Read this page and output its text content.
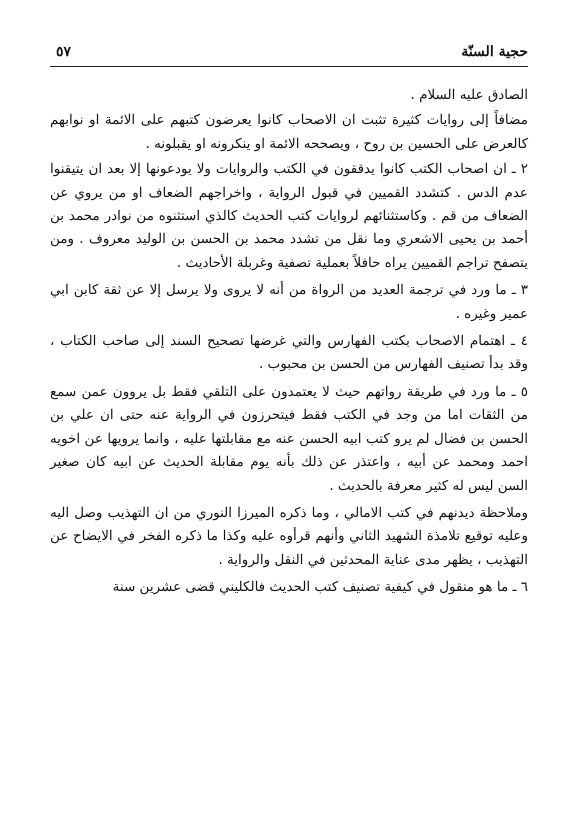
حجية السنّة
٥٧

الصادق عليه السلام .

مضافاً إلى روايات كثيرة تثبت ان الاصحاب كانوا يعرضون كتبهم على الائمة او نوابهم كالعرض على الحسين بن روح ، ويصححه الائمة او ينكرونه او يقبلونه .

٢ ـ ان اصحاب الكتب كانوا يدققون في الكتب والروايات ولا يودعونها إلا بعد ان يتيقنوا عدم الدس . كتشدد القميين في قبول الرواية ، واخراجهم الضعاف او من يروي عن الضعاف من قم . وكاستثنائهم لروايات كتب الحديث كالذي استثنوه من نوادر محمد بن أحمد بن يحيى الاشعري وما نقل من تشدد محمد بن الحسن بن الوليد معروف . ومن يتصفح تراجم القميين يراه حافلاً بعملية تصفية وغربلة الأحاديث .

٣ ـ ما ورد في ترجمة العديد من الرواة من أنه لا يروى ولا يرسل إلا عن ثقة كابن ابي عمير وغيره .

٤ ـ اهتمام الاصحاب بكتب الفهارس والتي غرضها تصحيح السند إلى صاحب الكتاب ، وقد بدأ تصنيف الفهارس من الحسن بن محبوب .

٥ ـ ما ورد في طريقة رواتهم حيث لا يعتمدون على التلقي فقط بل يروون عمن سمع من الثقات اما من وجد في الكتب فقط فيتحرزون في الرواية عنه حتى ان علي بن الحسن بن فضال لم يرو كتب ابيه الحسن عنه مع مقابلتها عليه ، وانما يرويها عن اخويه احمد ومحمد عن أبيه ، واعتذر عن ذلك بأنه يوم مقابلة الحديث عن ابيه كان صغير السن ليس له كثير معرفة بالحديث .

وملاحظة ديدنهم في كتب الامالي ، وما ذكره الميرزا النوري من ان التهذيب وصل اليه وعليه توقيع تلامذة الشهيد الثاني وأنهم قرأوه عليه وكذا ما ذكره الفخر في الايضاح عن التهذيب ، يظهر مدى عناية المحدثين في النقل والرواية .

٦ ـ ما هو منقول في كيفية تصنيف كتب الحديث فالكليني قضى عشرين سنة
